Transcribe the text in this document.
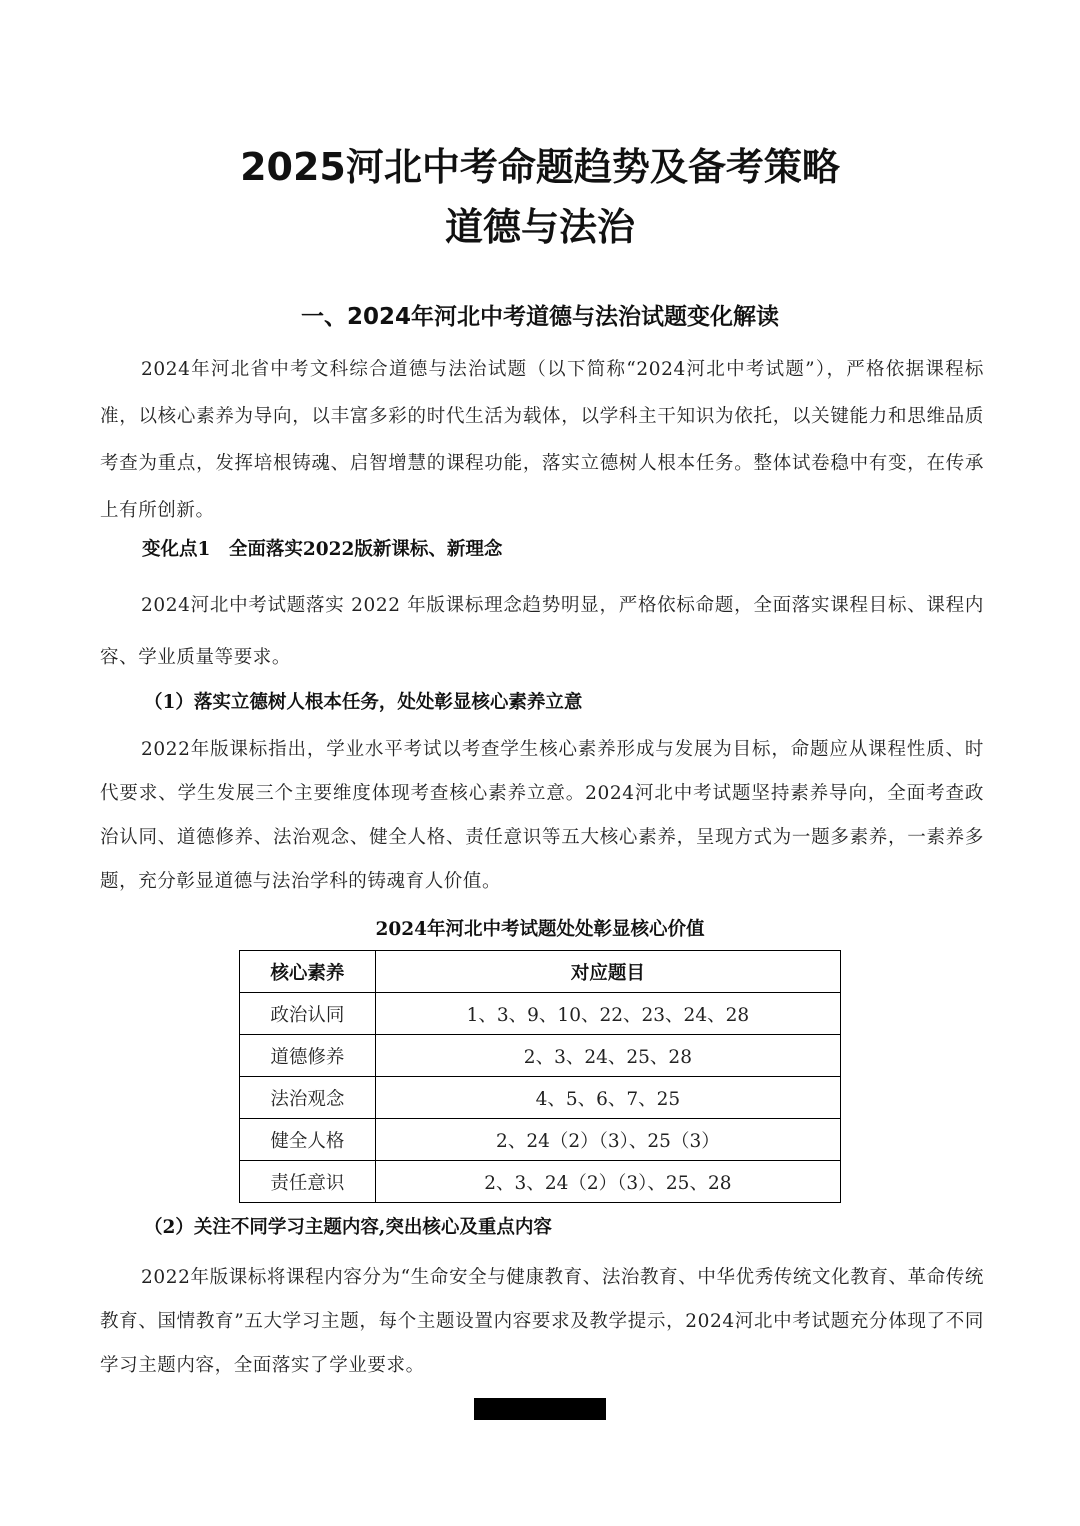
2025河北中考命题趋势及备考策略
道德与法治
一、2024年河北中考道德与法治试题变化解读

2024年河北省中考文科综合道德与法治试题（以下简称“2024河北中考试题”），严格依据课程标准，以核心素养为导向，以丰富多彩的时代生活为载体，以学科主干知识为依托，以关键能力和思维品质考查为重点，发挥培根铸魂、启智增慧的课程功能，落实立德树人根本任务。整体试卷稳中有变，在传承上有所创新。

变化点1　全面落实2022版新课标、新理念

2024河北中考试题落实 2022 年版课标理念趋势明显，严格依标命题，全面落实课程目标、课程内容、学业质量等要求。

（1）落实立德树人根本任务，处处彰显核心素养立意

2022年版课标指出，学业水平考试以考查学生核心素养形成与发展为目标，命题应从课程性质、时代要求、学生发展三个主要维度体现考查核心素养立意。2024河北中考试题坚持素养导向，全面考查政治认同、道德修养、法治观念、健全人格、责任意识等五大核心素养，呈现方式为一题多素养，一素养多题，充分彰显道德与法治学科的铸魂育人价值。

2024年河北中考试题处处彰显核心价值
核心素养	对应题目
政治认同	1、3、9、10、22、23、24、28
道德修养	2、3、24、25、28
法治观念	4、5、6、7、25
健全人格	2、24（2）（3）、25（3）
责任意识	2、3、24（2）（3）、25、28
（2）关注不同学习主题内容,突出核心及重点内容

2022年版课标将课程内容分为“生命安全与健康教育、法治教育、中华优秀传统文化教育、革命传统教育、国情教育”五大学习主题，每个主题设置内容要求及教学提示，2024河北中考试题充分体现了不同学习主题内容，全面落实了学业要求。
